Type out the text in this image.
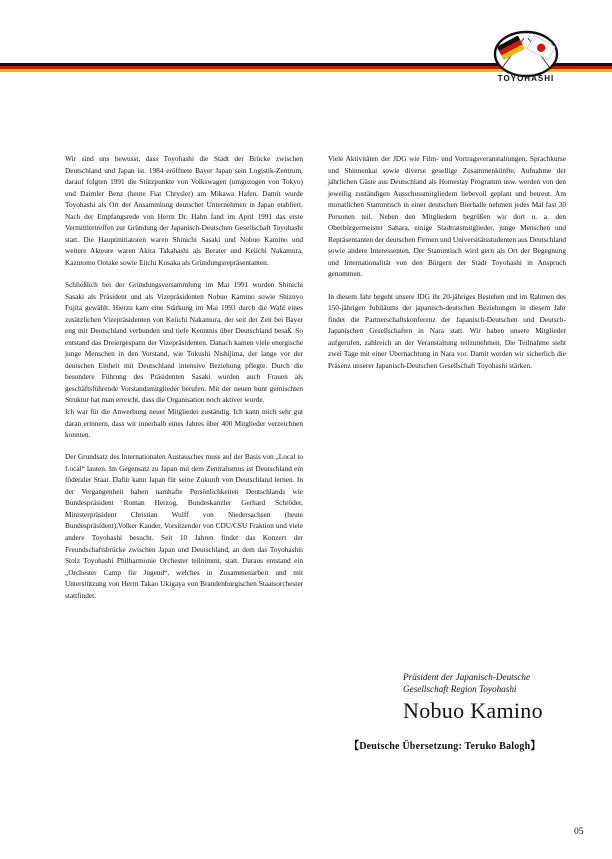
TOYOHASHI

Wir sind uns bewusst, dass Toyohashi die Stadt der Brücke zwischen Deutschland und Japan ist. 1984 eröffnete Bayer Japan sein Logistik-Zentrum, darauf folgten 1991 die Stützpunkte von Volkswagen (umgezogen von Tokyo) und Daimler Benz (heute Fiat Chrysler) am Mikawa Hafen. Damit wurde Toyohashi als Ort der Ansammlung deutscher Unternehmen in Japan etabliert. Nach der Empfangsrede von Herrn Dr. Hahn fand im April 1991 das erste Vermittlertreffen zur Gründung der Japanisch-Deutschen Gesellschaft Toyohashi statt. Die Hauptinitiatoren waren Shinichi Sasaki und Nobuo Kamino und weitere Akteure waren Akira Takahashi als Berater und Keiichi Nakamura, Kazutomo Ootake sowie Eiichi Kosaka als Gründungsrepräsentanten.

Schließlich bei der Gründungsversammlung im Mai 1991 wurden Shinichi Sasaki als Präsident und als Vizepräsidenten Nobuo Kamino sowie Shizuyo Fujita gewählt. Hierzu kam eine Stärkung im Mai 1993 durch die Wahl eines zusätzlichen Vizepräsidenten von Keiichi Nakamura, der seit der Zeit bei Bayer eng mit Deutschland verbunden und tiefe Kenntnis über Deutschland besaß. So entstand das Dreiergespann der Vizepräsidenten. Danach kamen viele energische junge Menschen in den Vorstand, wie Tokushi Nishijima, der lange vor der deutschen Einheit mit Deutschland intensive Beziehung pflegte. Durch die besondere Führung des Präsidenten Sasaki wurden auch Frauen als geschäftsführende Vorstandsmitglieder berufen. Mit der neuen bunt gemischten Struktur hat man erreicht, dass die Organisation noch aktiver wurde.

Ich war für die Anwerbung neuer Mitglieder zuständig. Ich kann mich sehr gut daran erinnern, dass wir innerhalb eines Jahres über 400 Mitglieder verzeichnen konnten.

Der Grundsatz des Internationalen Austausches muss auf der Basis von „Local to Local“ lauten. Im Gegensatz zu Japan mit dem Zentralismus ist Deutschland ein föderaler Staat. Dafür kann Japan für seine Zukunft von Deutschland lernen. In der Vergangenheit haben namhafte Persönlichkeiten Deutschlands wie Bundespräsident Roman Herzog, Bundeskanzler Gerhard Schröder, Ministerpräsident Christian Wulff von Niedersachsen (heute Bundespräsident),Volker Kauder, Vorsitzender von CDU/CSU Fraktion und viele andere Toyohashi besucht. Seit 10 Jahren findet das Konzert der Freundschaftsbrücke zwischen Japan und Deutschland, an dem das Toyohashis Stolz Toyohashi Philharmonie Orchester teilnimmt, statt. Daraus entstand ein „Orchester Camp für Jugend“, welches in Zusammenarbeit und mit Unterstützung von Herrn Takao Ukigaya von Brandenburgischen Staatsorchester stattfindet.

Viele Aktivitäten der JDG wie Film- und Vortragsveranstaltungen, Sprachkurse und Shinnenkai sowie diverse gesellige Zusammenkünfte, Aufnahme der jährlichen Gäste aus Deutschland als Homestay Programm usw. werden von den jeweilig zuständigen Ausschussmitgliedern liebevoll geplant und betreut. Am monatlichen Stammtisch in einer deutschen Bierhalle nehmen jedes Mal fast 30 Personen teil. Neben den Mitgliedern begrüßen wir dort u. a. den Oberbürgermeister Sahara, einige Stadtratsmitglieder, junge Menschen und Repräsentanten der deutschen Firmen und Universitätsstudenten aus Deutschland sowie andere Interessenten. Der Stammtisch wird gern als Ort der Begegnung und Internationalität von den Bürgern der Stadt Toyohashi in Anspruch genommen.

In diesem Jahr begeht unsere JDG ihr 20-jähriges Bestehen und im Rahmen des 150-jährigen Jubiläums der japanisch-deutschen Beziehungen in diesem Jahr findet die Partnerschaftskonferenz der Japanisch-Deutschen und Deutsch-Japanischen Gesellschaften in Nara statt. Wir haben unsere Mitglieder aufgerufen, zahlreich an der Veranstaltung teilzunehmen. Die Teilnahme sieht zwei Tage mit einer Übernachtung in Nara vor. Damit werden wir sicherlich die Präsenz unserer Japanisch-Deutschen Gesellschaft Toyohashi stärken.

Präsident der Japanisch-Deutsche

Gesellschaft Region Toyohashi

Nobuo Kamino

【Deutsche Übersetzung: Teruko Balogh】
05
